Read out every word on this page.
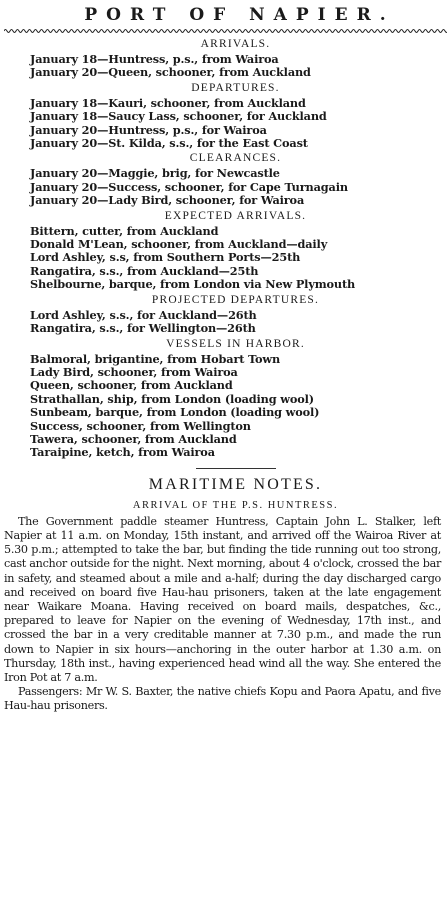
PORT OF NAPIER.
ARRIVALS.
January 18—Huntress, p.s., from Wairoa
January 20—Queen, schooner, from Auckland
DEPARTURES.
January 18—Kauri, schooner, from Auckland
January 18—Saucy Lass, schooner, for Auckland
January 20—Huntress, p.s., for Wairoa
January 20—St. Kilda, s.s., for the East Coast
CLEARANCES.
January 20—Maggie, brig, for Newcastle
January 20—Success, schooner, for Cape Turnagain
January 20—Lady Bird, schooner, for Wairoa
EXPECTED ARRIVALS.
Bittern, cutter, from Auckland
Donald M'Lean, schooner, from Auckland—daily
Lord Ashley, s.s, from Southern Ports—25th
Rangatira, s.s., from Auckland—25th
Shelbourne, barque, from London via New Plymouth
PROJECTED DEPARTURES.
Lord Ashley, s.s., for Auckland—26th
Rangatira, s.s., for Wellington—26th
VESSELS IN HARBOR.
Balmoral, brigantine, from Hobart Town
Lady Bird, schooner, from Wairoa
Queen, schooner, from Auckland
Strathallan, ship, from London (loading wool)
Sunbeam, barque, from London (loading wool)
Success, schooner, from Wellington
Tawera, schooner, from Auckland
Taraipine, ketch, from Wairoa
MARITIME NOTES.
ARRIVAL OF THE P.S. HUNTRESS.

The Government paddle steamer Huntress, Captain John L. Stalker, left Napier at 11 a.m. on Monday, 15th instant, and arrived off the Wairoa River at 5.30 p.m.; attempted to take the bar, but finding the tide running out too strong, cast anchor outside for the night. Next morning, about 4 o'clock, crossed the bar in safety, and steamed about a mile and a-half; during the day discharged cargo and received on board five Hau-hau prisoners, taken at the late engagement near Waikare Moana. Having received on board mails, despatches, &c., prepared to leave for Napier on the evening of Wednesday, 17th inst., and crossed the bar in a very creditable manner at 7.30 p.m., and made the run down to Napier in six hours—anchoring in the outer harbor at 1.30 a.m. on Thursday, 18th inst., having experienced head wind all the way. She entered the Iron Pot at 7 a.m.

Passengers: Mr W. S. Baxter, the native chiefs Kopu and Paora Apatu, and five Hau-hau prisoners.
